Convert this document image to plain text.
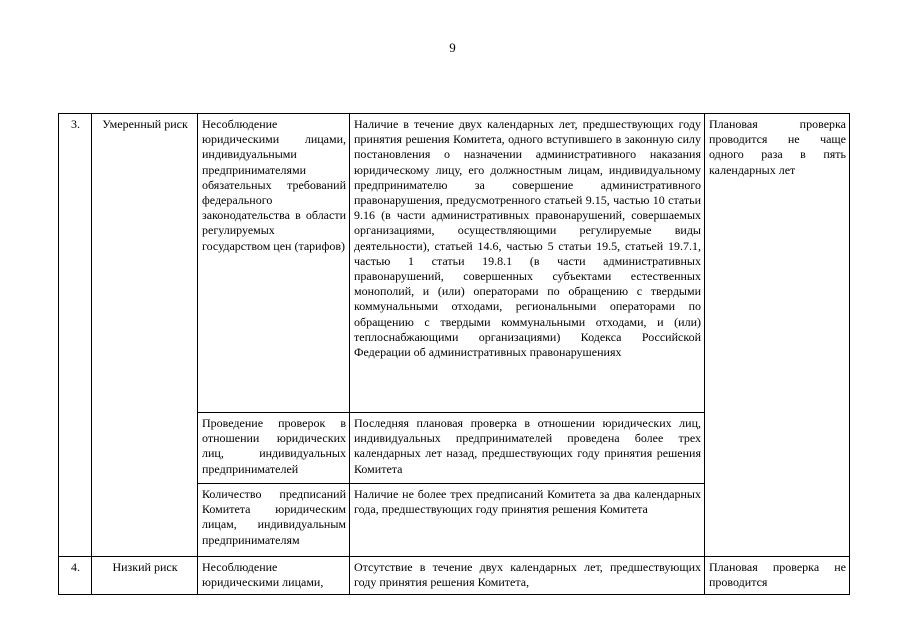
9
3.	Умеренный риск	Несоблюдение юридическими лицами, индивидуальными предпринимателями обязательных требований федерального законодательства в области регулируемых государством цен (тарифов)	Наличие в течение двух календарных лет, предшествующих году принятия решения Комитета, одного вступившего в законную силу постановления о назначении административного наказания юридическому лицу, его должностным лицам, индивидуальному предпринимателю за совершение административного правонарушения, предусмотренного статьей 9.15, частью 10 статьи 9.16 (в части административных правонарушений, совершаемых организациями, осуществляющими регулируемые виды деятельности), статьей 14.6, частью 5 статьи 19.5, статьей 19.7.1, частью 1 статьи 19.8.1 (в части административных правонарушений, совершенных субъектами естественных монополий, и (или) операторами по обращению с твердыми коммунальными отходами, региональными операторами по обращению с твердыми коммунальными отходами, и (или) теплоснабжающими организациями) Кодекса Российской Федерации об административных правонарушениях	Плановая проверка проводится не чаще одного раза в пять календарных лет
		Проведение проверок в отношении юридических лиц, индивидуальных предпринимателей	Последняя плановая проверка в отношении юридических лиц, индивидуальных предпринимателей проведена более трех календарных лет назад, предшествующих году принятия решения Комитета	
		Количество предписаний Комитета юридическим лицам, индивидуальным предпринимателям	Наличие не более трех предписаний Комитета за два календарных года, предшествующих году принятия решения Комитета	
4.	Низкий риск	Несоблюдение юридическими лицами,	Отсутствие в течение двух календарных лет, предшествующих году принятия решения Комитета,	Плановая проверка не проводится
